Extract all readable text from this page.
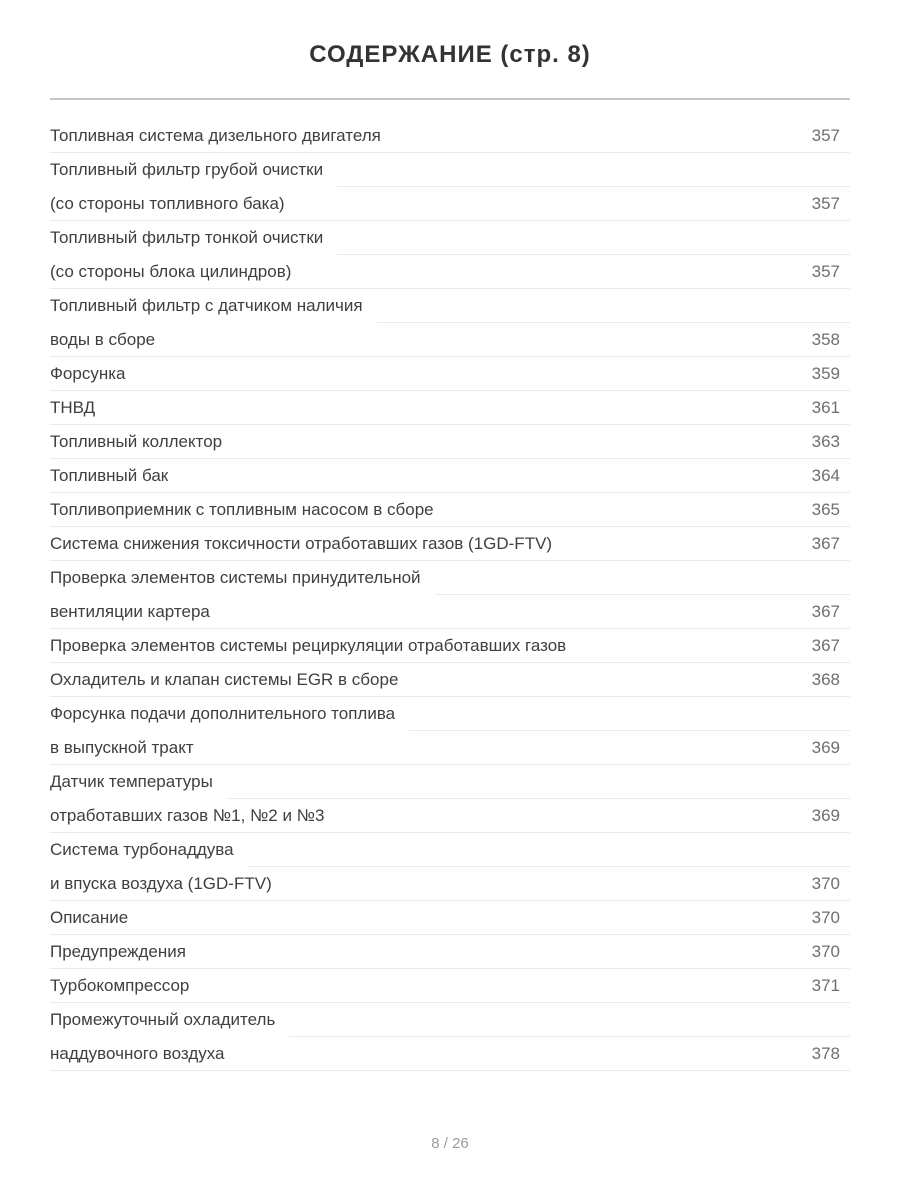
СОДЕРЖАНИЕ (стр. 8)
Топливная система дизельного двигателя	357
Топливный фильтр грубой очистки
(со стороны топливного бака)	357
Топливный фильтр тонкой очистки
(со стороны блока цилиндров)	357
Топливный фильтр с датчиком наличия
воды в сборе	358
Форсунка	359
ТНВД	361
Топливный коллектор	363
Топливный бак	364
Топливоприемник с топливным насосом в сборе	365
Система снижения токсичности отработавших газов (1GD-FTV)	367
Проверка элементов системы принудительной
вентиляции картера	367
Проверка элементов системы рециркуляции отработавших газов	367
Охладитель и клапан системы EGR в сборе	368
Форсунка подачи дополнительного топлива
в выпускной тракт	369
Датчик температуры
отработавших газов №1, №2 и №3	369
Система турбонаддува
и впуска воздуха (1GD-FTV)	370
Описание	370
Предупреждения	370
Турбокомпрессор	371
Промежуточный охладитель
наддувочного воздуха	378
8 / 26
